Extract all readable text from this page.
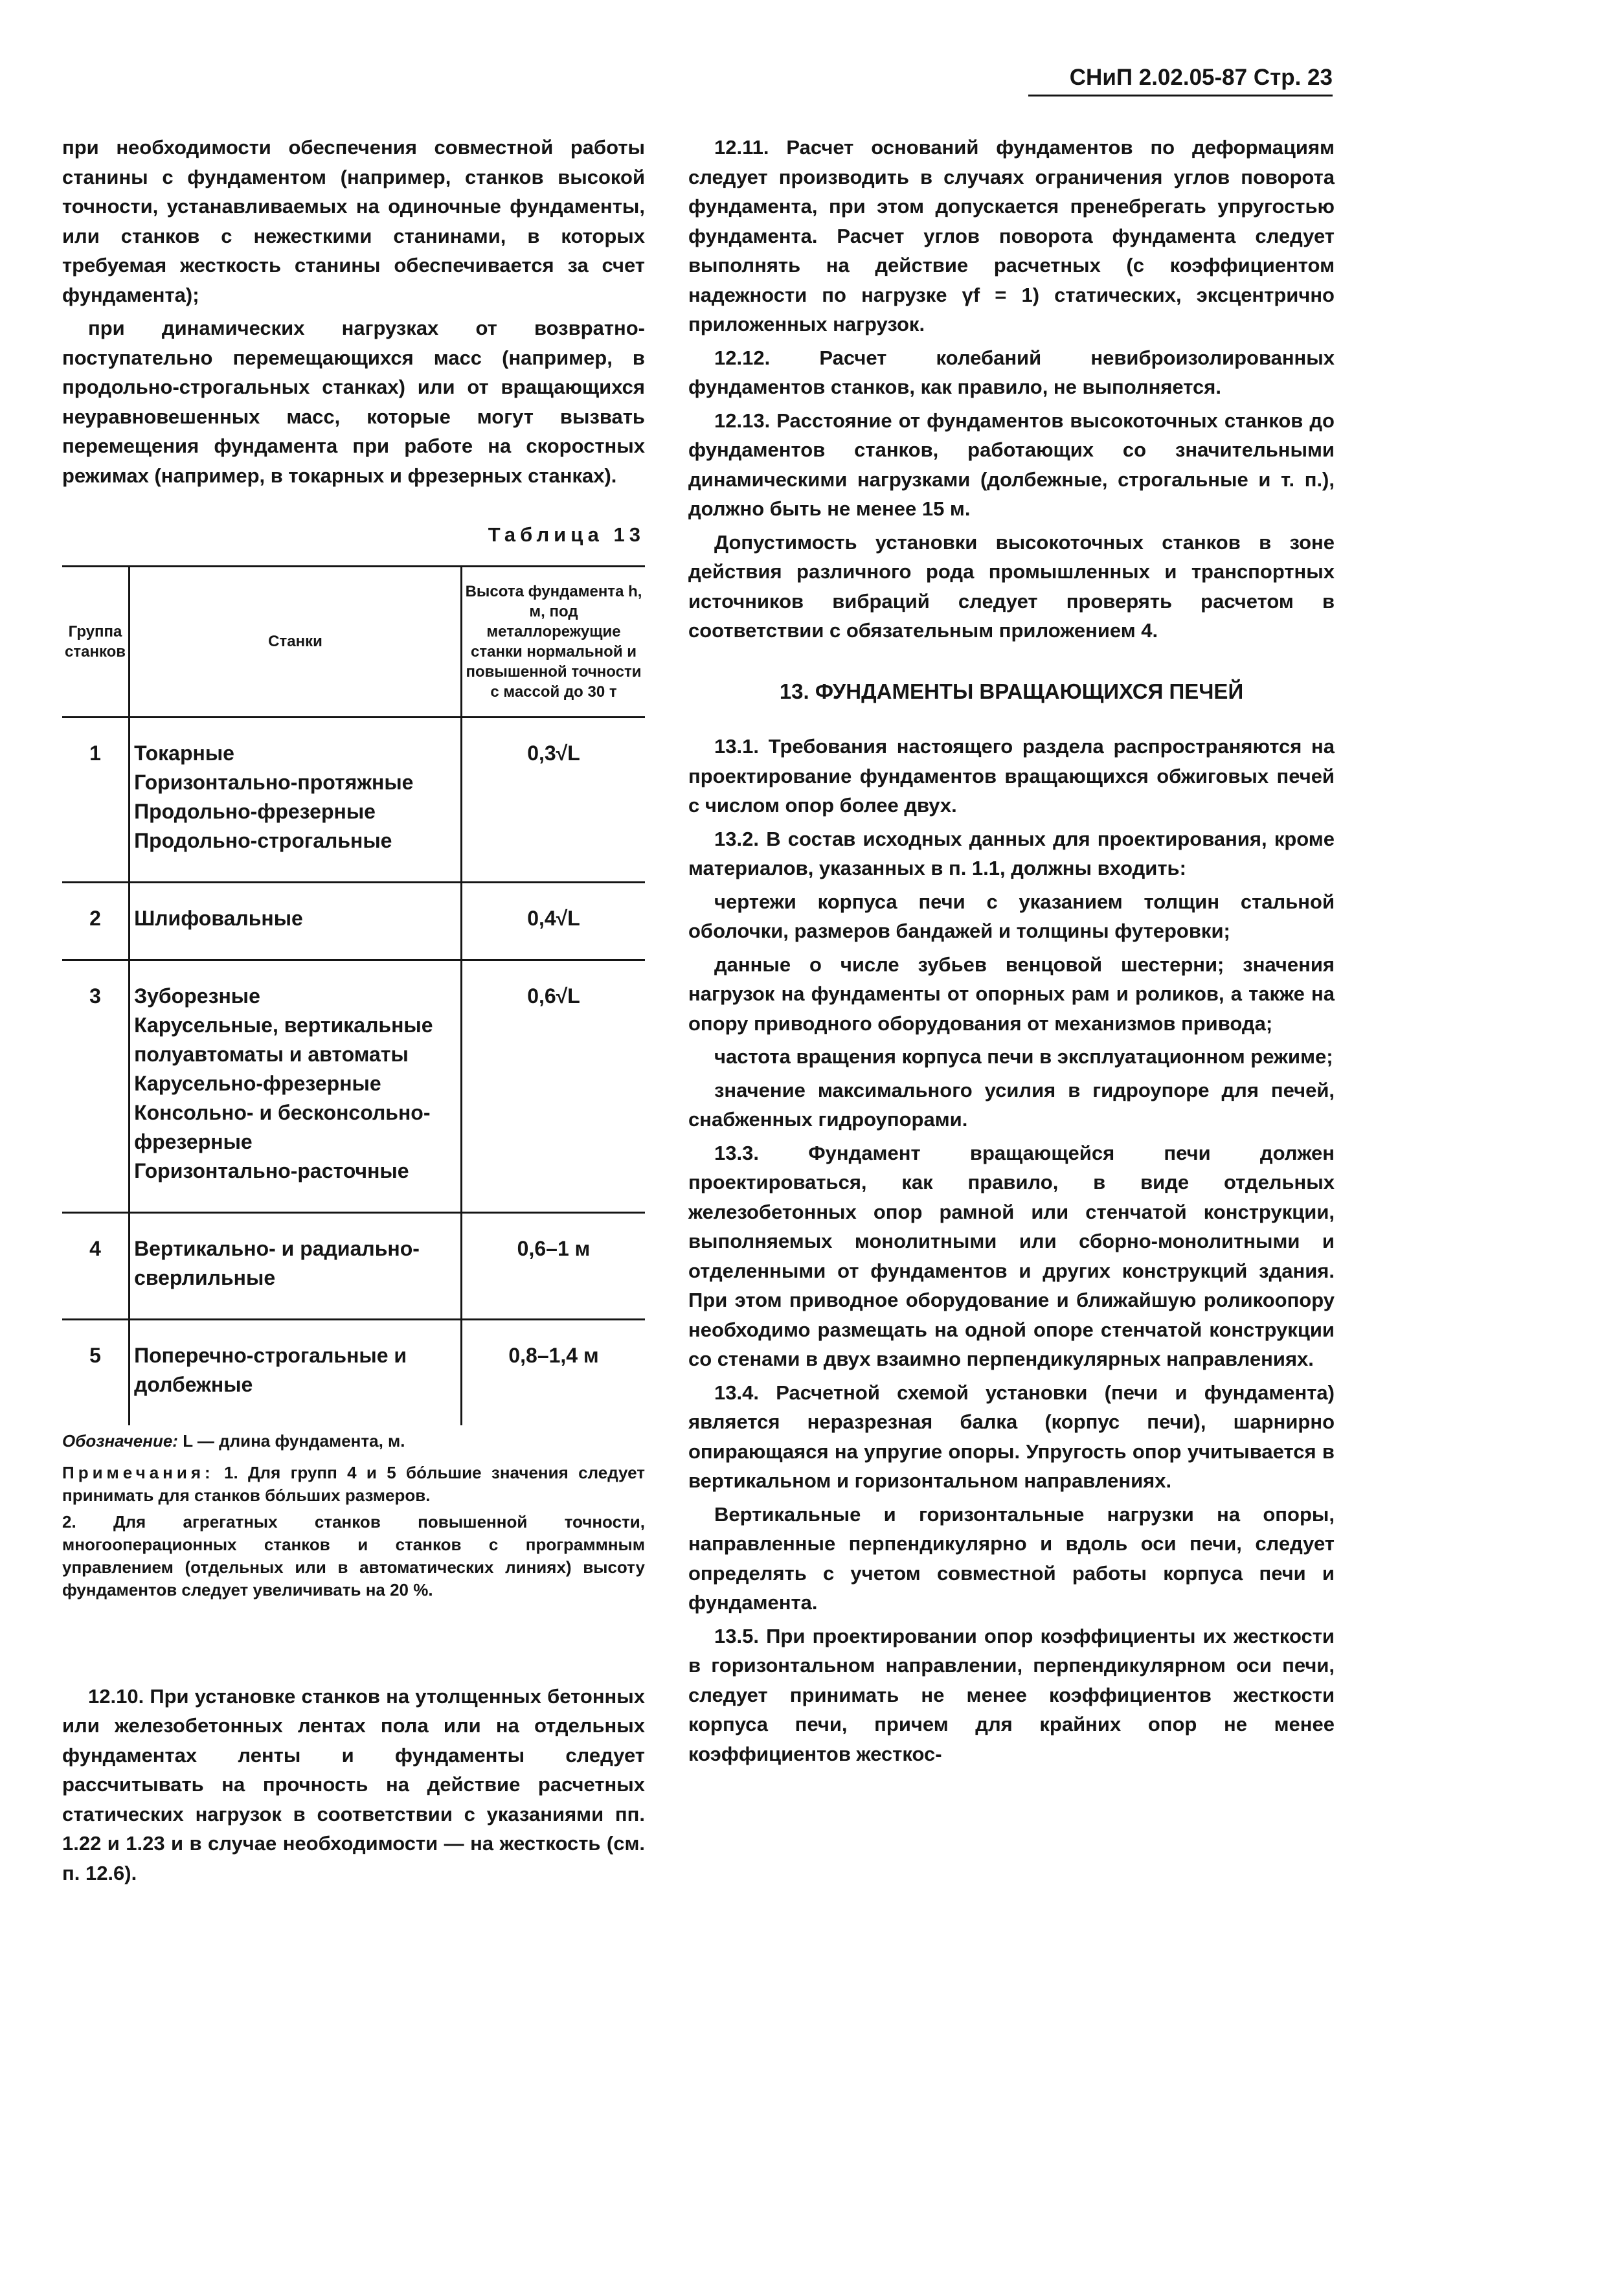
СНиП 2.02.05-87 Стр. 23

при необходимости обеспечения совместной работы станины с фундаментом (например, станков высокой точности, устанавливаемых на одиночные фундаменты, или станков с нежесткими станинами, в которых требуемая жесткость станины обеспечивается за счет фундамента);

при динамических нагрузках от возвратно-поступательно перемещающихся масс (например, в продольно-строгальных станках) или от вращающихся неуравновешенных масс, которые могут вызвать перемещения фундамента при работе на скоростных режимах (например, в токарных и фрезерных станках).

Таблица 13
Группа станков	Станки	Высота фундамента h, м, под металлорежущие станки нормальной и повышенной точности с массой до 30 т
1	Токарные
Горизонтально-протяжные
Продольно-фрезерные
Продольно-строгальные	0,3√L
2	Шлифовальные	0,4√L
3	Зуборезные
Карусельные, вертикальные полуавтоматы и автоматы
Карусельно-фрезерные
Консольно- и бесконсольно-фрезерные
Горизонтально-расточные	0,6√L
4	Вертикально- и радиально-сверлильные	0,6–1 м
5	Поперечно-строгальные и долбежные	0,8–1,4 м
Обозначение: L — длина фундамента, м.

Примечания: 1. Для групп 4 и 5 бо́льшие значения следует принимать для станков бо́льших размеров.

2. Для агрегатных станков повышенной точности, многооперационных станков и станков с программным управлением (отдельных или в автоматических линиях) высоту фундаментов следует увеличивать на 20 %.

12.10. При установке станков на утолщенных бетонных или железобетонных лентах пола или на отдельных фундаментах ленты и фундаменты следует рассчитывать на прочность на действие расчетных статических нагрузок в соответствии с указаниями пп. 1.22 и 1.23 и в случае необходимости — на жесткость (см. п. 12.6).

12.11. Расчет оснований фундаментов по деформациям следует производить в случаях ограничения углов поворота фундамента, при этом допускается пренебрегать упругостью фундамента. Расчет углов поворота фундамента следует выполнять на действие расчетных (с коэффициентом надежности по нагрузке γf = 1) статических, эксцентрично приложенных нагрузок.

12.12. Расчет колебаний невиброизолированных фундаментов станков, как правило, не выполняется.

12.13. Расстояние от фундаментов высокоточных станков до фундаментов станков, работающих со значительными динамическими нагрузками (долбежные, строгальные и т. п.), должно быть не менее 15 м.

Допустимость установки высокоточных станков в зоне действия различного рода промышленных и транспортных источников вибраций следует проверять расчетом в соответствии с обязательным приложением 4.

13. ФУНДАМЕНТЫ ВРАЩАЮЩИХСЯ ПЕЧЕЙ

13.1. Требования настоящего раздела распространяются на проектирование фундаментов вращающихся обжиговых печей с числом опор более двух.

13.2. В состав исходных данных для проектирования, кроме материалов, указанных в п. 1.1, должны входить:

чертежи корпуса печи с указанием толщин стальной оболочки, размеров бандажей и толщины футеровки;

данные о числе зубьев венцовой шестерни; значения нагрузок на фундаменты от опорных рам и роликов, а также на опору приводного оборудования от механизмов привода;

частота вращения корпуса печи в эксплуатационном режиме;

значение максимального усилия в гидроупоре для печей, снабженных гидроупорами.

13.3. Фундамент вращающейся печи должен проектироваться, как правило, в виде отдельных железобетонных опор рамной или стенчатой конструкции, выполняемых монолитными или сборно-монолитными и отделенными от фундаментов и других конструкций здания. При этом приводное оборудование и ближайшую роликоопору необходимо размещать на одной опоре стенчатой конструкции со стенами в двух взаимно перпендикулярных направлениях.

13.4. Расчетной схемой установки (печи и фундамента) является неразрезная балка (корпус печи), шарнирно опирающаяся на упругие опоры. Упругость опор учитывается в вертикальном и горизонтальном направлениях.

Вертикальные и горизонтальные нагрузки на опоры, направленные перпендикулярно и вдоль оси печи, следует определять с учетом совместной работы корпуса печи и фундамента.

13.5. При проектировании опор коэффициенты их жесткости в горизонтальном направлении, перпендикулярном оси печи, следует принимать не менее коэффициентов жесткости корпуса печи, причем для крайних опор не менее коэффициентов жесткос-
